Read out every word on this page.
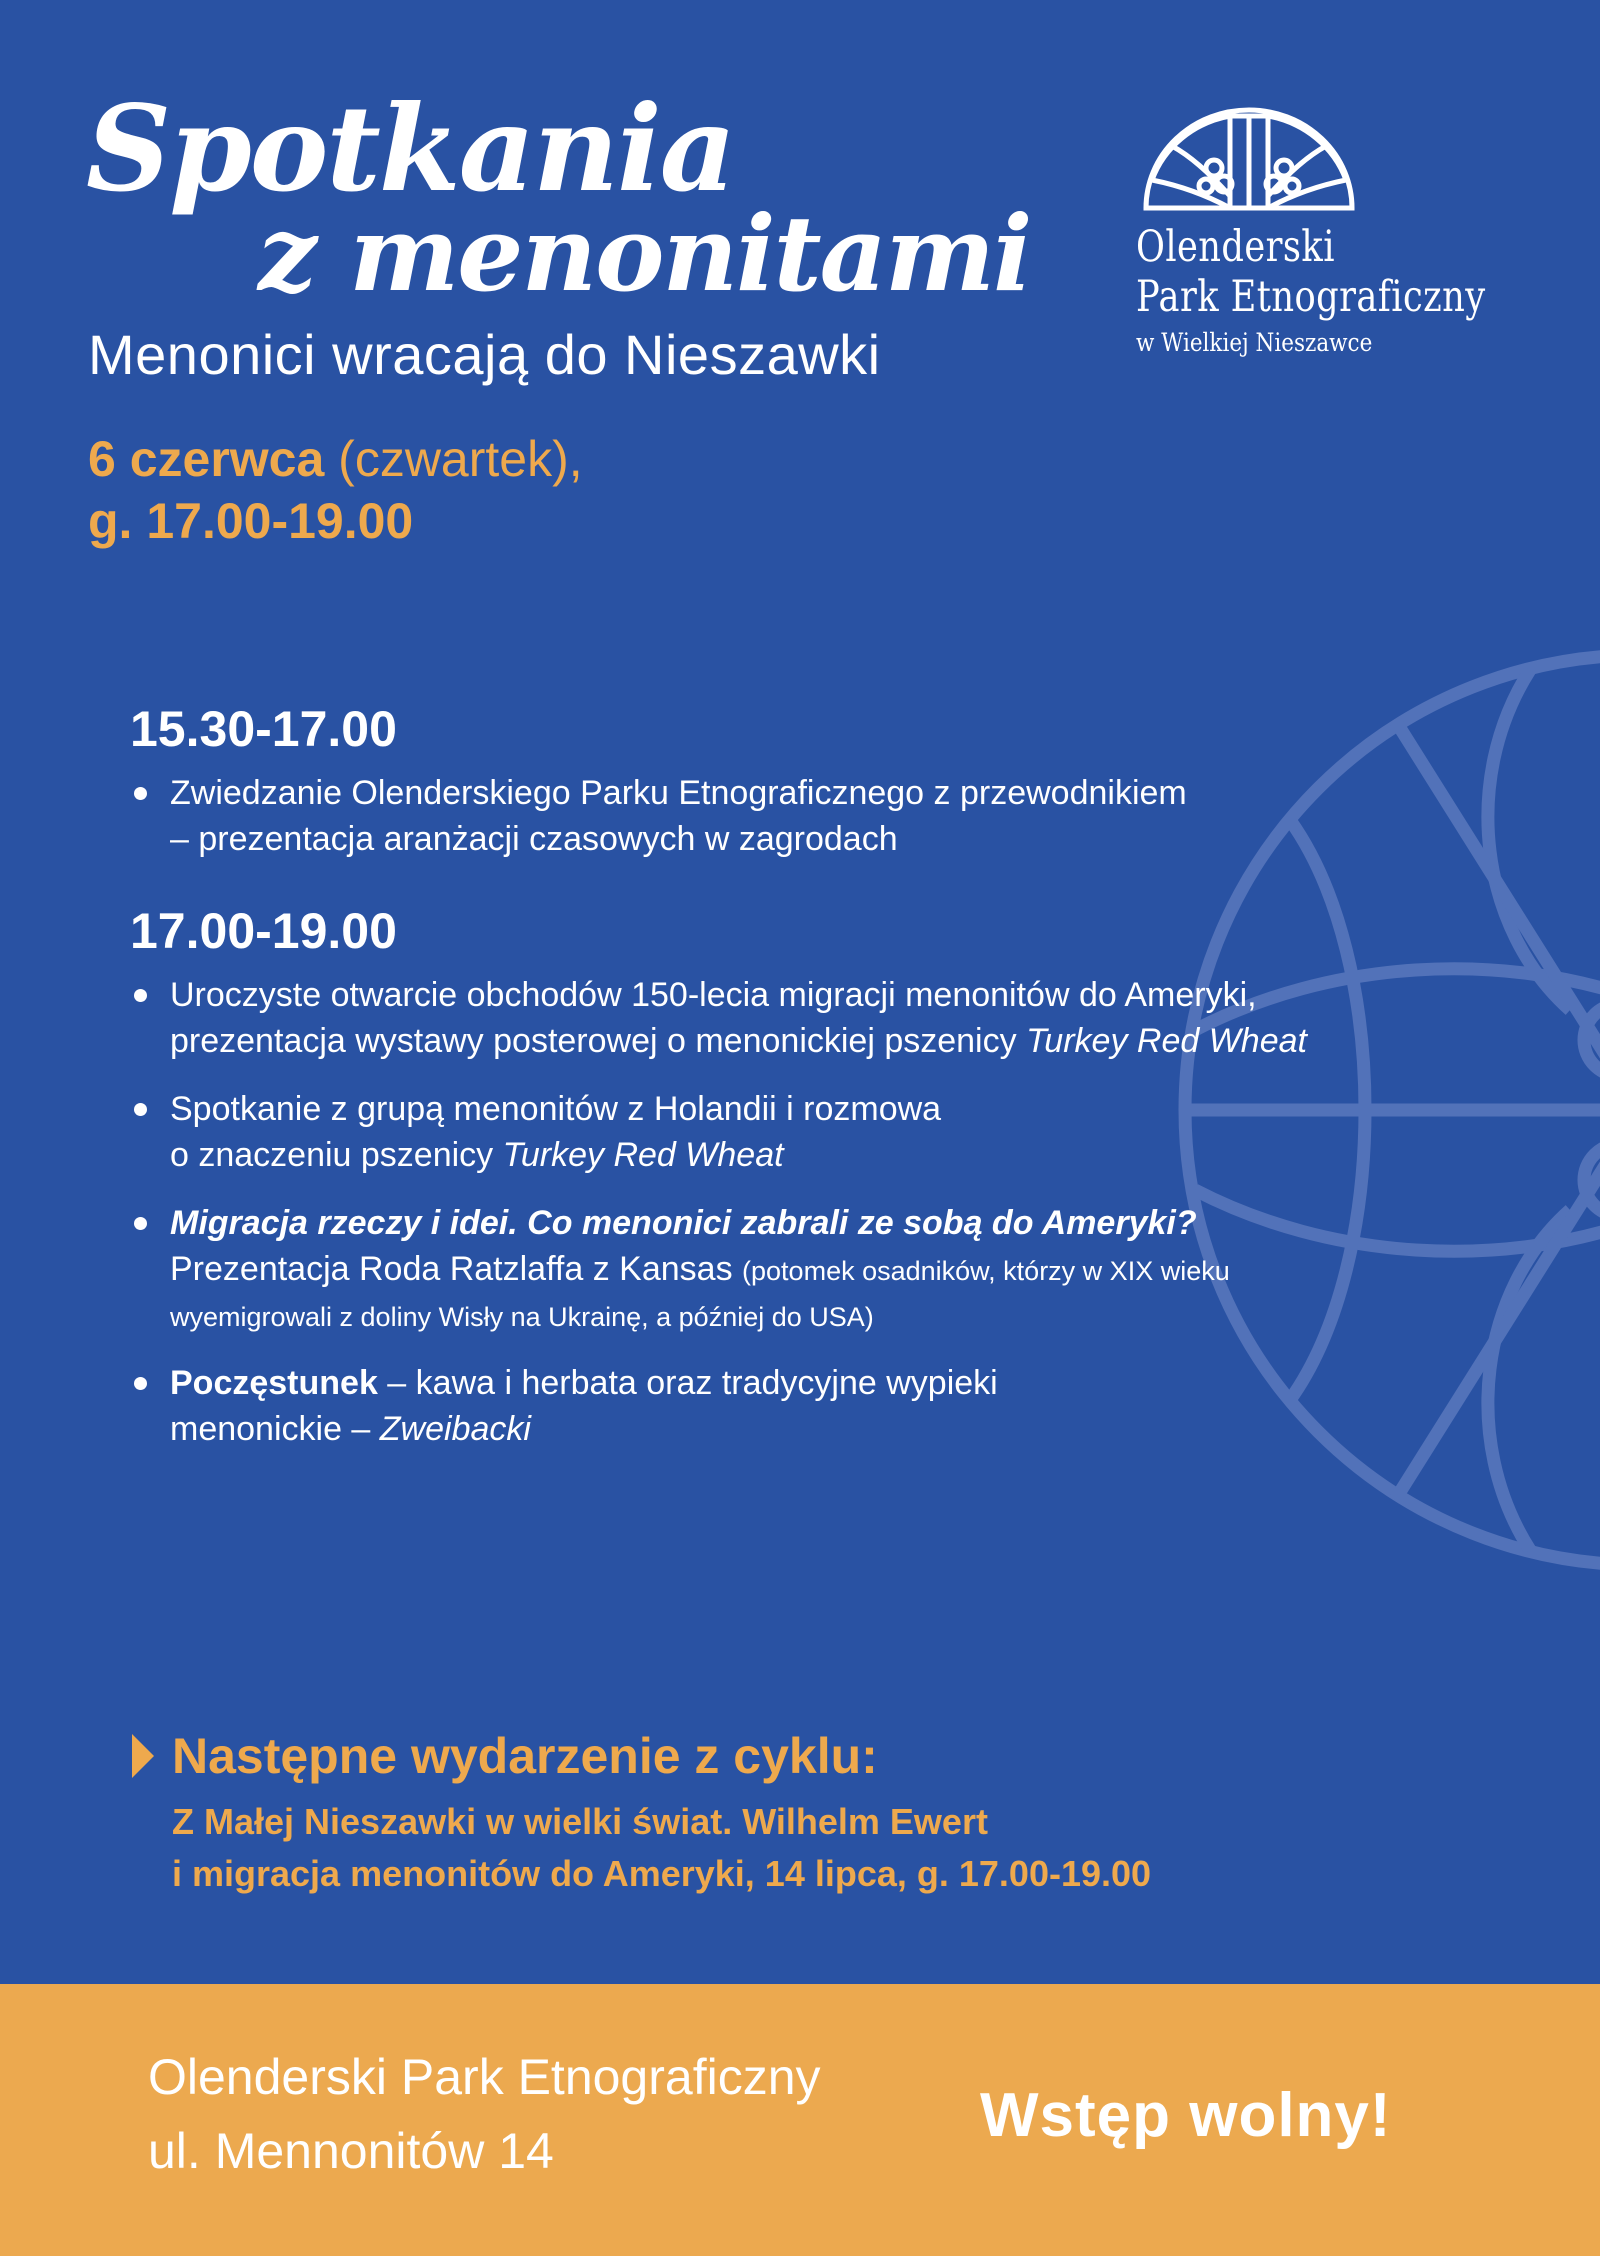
Spotkania
z menonitami
Menonici wracają do Nieszawki
Olenderski
Park Etnograficzny
w Wielkiej Nieszawce
6 czerwca (czwartek),
g. 17.00-19.00
15.30-17.00
Zwiedzanie Olenderskiego Parku Etnograficznego z przewodnikiem
– prezentacja aranżacji czasowych w zagrodach
17.00-19.00
Uroczyste otwarcie obchodów 150-lecia migracji menonitów do Ameryki,
prezentacja wystawy posterowej o menonickiej pszenicy Turkey Red Wheat
Spotkanie z grupą menonitów z Holandii i rozmowa
o znaczeniu pszenicy Turkey Red Wheat
Migracja rzeczy i idei. Co menonici zabrali ze sobą do Ameryki?
Prezentacja Roda Ratzlaffa z Kansas (potomek osadników, którzy w XIX wieku
wyemigrowali z doliny Wisły na Ukrainę, a później do USA)
Poczęstunek – kawa i herbata oraz tradycyjne wypieki
menonickie – Zweibacki
Następne wydarzenie z cyklu:
Z Małej Nieszawki w wielki świat. Wilhelm Ewert
i migracja menonitów do Ameryki, 14 lipca, g. 17.00-19.00
Olenderski Park Etnograficzny
ul. Mennonitów 14
Wstęp wolny!
